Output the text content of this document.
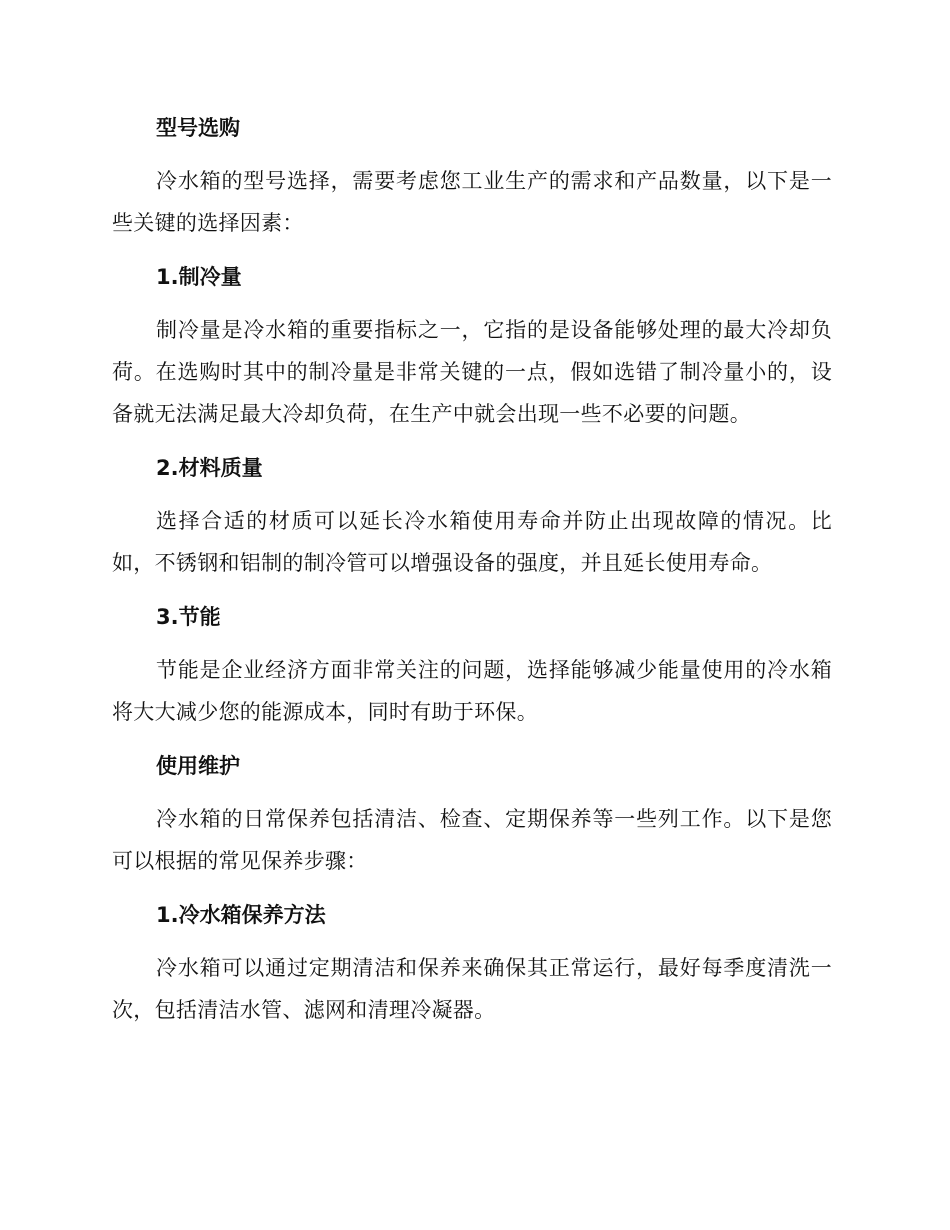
型号选购

冷水箱的型号选择，需要考虑您工业生产的需求和产品数量，以下是一些关键的选择因素：

1.制冷量

制冷量是冷水箱的重要指标之一，它指的是设备能够处理的最大冷却负荷。在选购时其中的制冷量是非常关键的一点，假如选错了制冷量小的，设备就无法满足最大冷却负荷，在生产中就会出现一些不必要的问题。

2.材料质量

选择合适的材质可以延长冷水箱使用寿命并防止出现故障的情况。比如，不锈钢和铝制的制冷管可以增强设备的强度，并且延长使用寿命。

3.节能

节能是企业经济方面非常关注的问题，选择能够减少能量使用的冷水箱将大大减少您的能源成本，同时有助于环保。

使用维护

冷水箱的日常保养包括清洁、检查、定期保养等一些列工作。以下是您可以根据的常见保养步骤：

1.冷水箱保养方法

冷水箱可以通过定期清洁和保养来确保其正常运行，最好每季度清洗一次，包括清洁水管、滤网和清理冷凝器。
